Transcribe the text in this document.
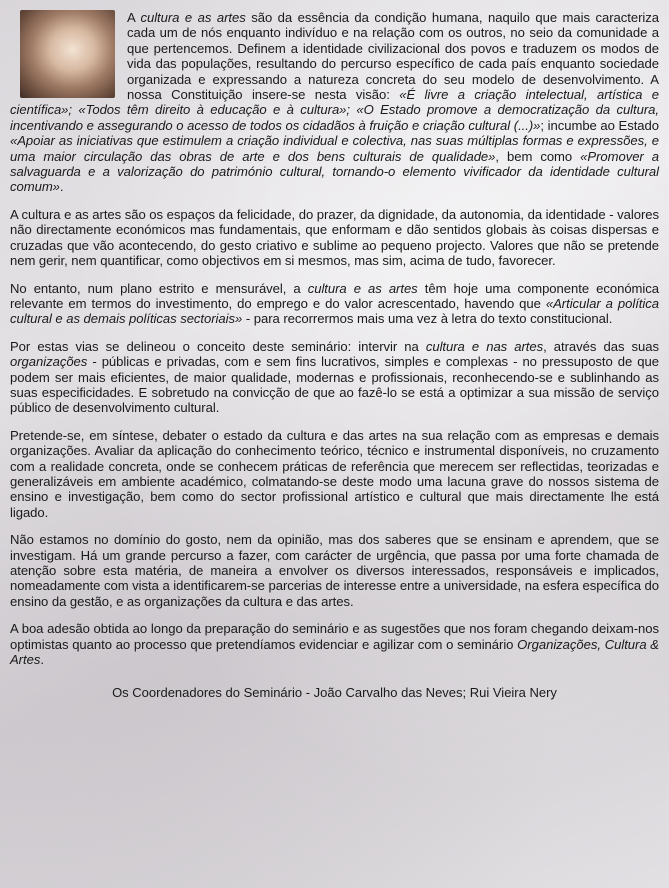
A cultura e as artes são da essência da condição humana, naquilo que mais caracteriza cada um de nós enquanto indivíduo e na relação com os outros, no seio da comunidade a que pertencemos. Definem a identidade civilizacional dos povos e traduzem os modos de vida das populações, resultando do percurso específico de cada país enquanto sociedade organizada e expressando a natureza concreta do seu modelo de desenvolvimento. A nossa Constituição insere-se nesta visão: «É livre a criação intelectual, artística e científica»; «Todos têm direito à educação e à cultura»; «O Estado promove a democratização da cultura, incentivando e assegurando o acesso de todos os cidadãos à fruição e criação cultural (...)»; incumbe ao Estado «Apoiar as iniciativas que estimulem a criação individual e colectiva, nas suas múltiplas formas e expressões, e uma maior circulação das obras de arte e dos bens culturais de qualidade», bem como «Promover a salvaguarda e a valorização do património cultural, tornando-o elemento vivificador da identidade cultural comum».

A cultura e as artes são os espaços da felicidade, do prazer, da dignidade, da autonomia, da identidade - valores não directamente económicos mas fundamentais, que enformam e dão sentidos globais às coisas dispersas e cruzadas que vão acontecendo, do gesto criativo e sublime ao pequeno projecto. Valores que não se pretende nem gerir, nem quantificar, como objectivos em si mesmos, mas sim, acima de tudo, favorecer.

No entanto, num plano estrito e mensurável, a cultura e as artes têm hoje uma componente económica relevante em termos do investimento, do emprego e do valor acrescentado, havendo que «Articular a política cultural e as demais políticas sectoriais» - para recorrermos mais uma vez à letra do texto constitucional.

Por estas vias se delineou o conceito deste seminário: intervir na cultura e nas artes, através das suas organizações - públicas e privadas, com e sem fins lucrativos, simples e complexas - no pressuposto de que podem ser mais eficientes, de maior qualidade, modernas e profissionais, reconhecendo-se e sublinhando as suas especificidades. E sobretudo na convicção de que ao fazê-lo se está a optimizar a sua missão de serviço público de desenvolvimento cultural.

Pretende-se, em síntese, debater o estado da cultura e das artes na sua relação com as empresas e demais organizações. Avaliar da aplicação do conhecimento teórico, técnico e instrumental disponíveis, no cruzamento com a realidade concreta, onde se conhecem práticas de referência que merecem ser reflectidas, teorizadas e generalizáveis em ambiente académico, colmatando-se deste modo uma lacuna grave do nossos sistema de ensino e investigação, bem como do sector profissional artístico e cultural que mais directamente lhe está ligado.

Não estamos no domínio do gosto, nem da opinião, mas dos saberes que se ensinam e aprendem, que se investigam. Há um grande percurso a fazer, com carácter de urgência, que passa por uma forte chamada de atenção sobre esta matéria, de maneira a envolver os diversos interessados, responsáveis e implicados, nomeadamente com vista a identificarem-se parcerias de interesse entre a universidade, na esfera específica do ensino da gestão, e as organizações da cultura e das artes.

A boa adesão obtida ao longo da preparação do seminário e as sugestões que nos foram chegando deixam-nos optimistas quanto ao processo que pretendíamos evidenciar e agilizar com o seminário Organizações, Cultura & Artes.

Os Coordenadores do Seminário - João Carvalho das Neves; Rui Vieira Nery
